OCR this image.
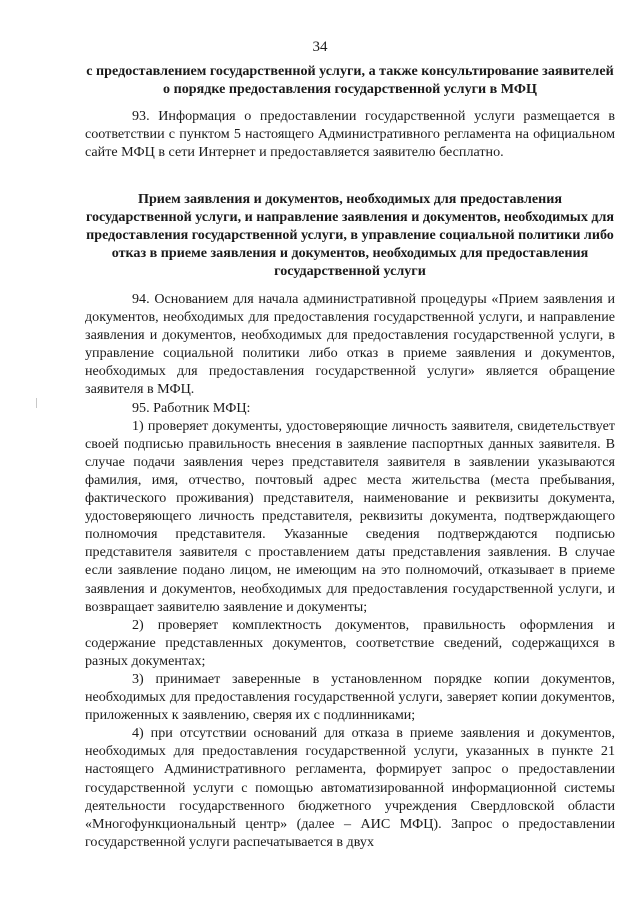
34
с предоставлением государственной услуги, а также консультирование заявителей о порядке предоставления государственной услуги в МФЦ

93. Информация о предоставлении государственной услуги размещается в соответствии с пунктом 5 настоящего Административного регламента на официальном сайте МФЦ в сети Интернет и предоставляется заявителю бесплатно.

Прием заявления и документов, необходимых для предоставления государственной услуги, и направление заявления и документов, необходимых для предоставления государственной услуги, в управление социальной политики либо отказ в приеме заявления и документов, необходимых для предоставления государственной услуги

94. Основанием для начала административной процедуры «Прием заявления и документов, необходимых для предоставления государственной услуги, и направление заявления и документов, необходимых для предоставления государственной услуги, в управление социальной политики либо отказ в приеме заявления и документов, необходимых для предоставления государственной услуги» является обращение заявителя в МФЦ.

95. Работник МФЦ:

1) проверяет документы, удостоверяющие личность заявителя, свидетельствует своей подписью правильность внесения в заявление паспортных данных заявителя. В случае подачи заявления через представителя заявителя в заявлении указываются фамилия, имя, отчество, почтовый адрес места жительства (места пребывания, фактического проживания) представителя, наименование и реквизиты документа, удостоверяющего личность представителя, реквизиты документа, подтверждающего полномочия представителя. Указанные сведения подтверждаются подписью представителя заявителя с проставлением даты представления заявления. В случае если заявление подано лицом, не имеющим на это полномочий, отказывает в приеме заявления и документов, необходимых для предоставления государственной услуги, и возвращает заявителю заявление и документы;

2) проверяет комплектность документов, правильность оформления и содержание представленных документов, соответствие сведений, содержащихся в разных документах;

3) принимает заверенные в установленном порядке копии документов, необходимых для предоставления государственной услуги, заверяет копии документов, приложенных к заявлению, сверяя их с подлинниками;

4) при отсутствии оснований для отказа в приеме заявления и документов, необходимых для предоставления государственной услуги, указанных в пункте 21 настоящего Административного регламента, формирует запрос о предоставлении государственной услуги с помощью автоматизированной информационной системы деятельности государственного бюджетного учреждения Свердловской области «Многофункциональный центр» (далее – АИС МФЦ). Запрос о предоставлении государственной услуги распечатывается в двух
